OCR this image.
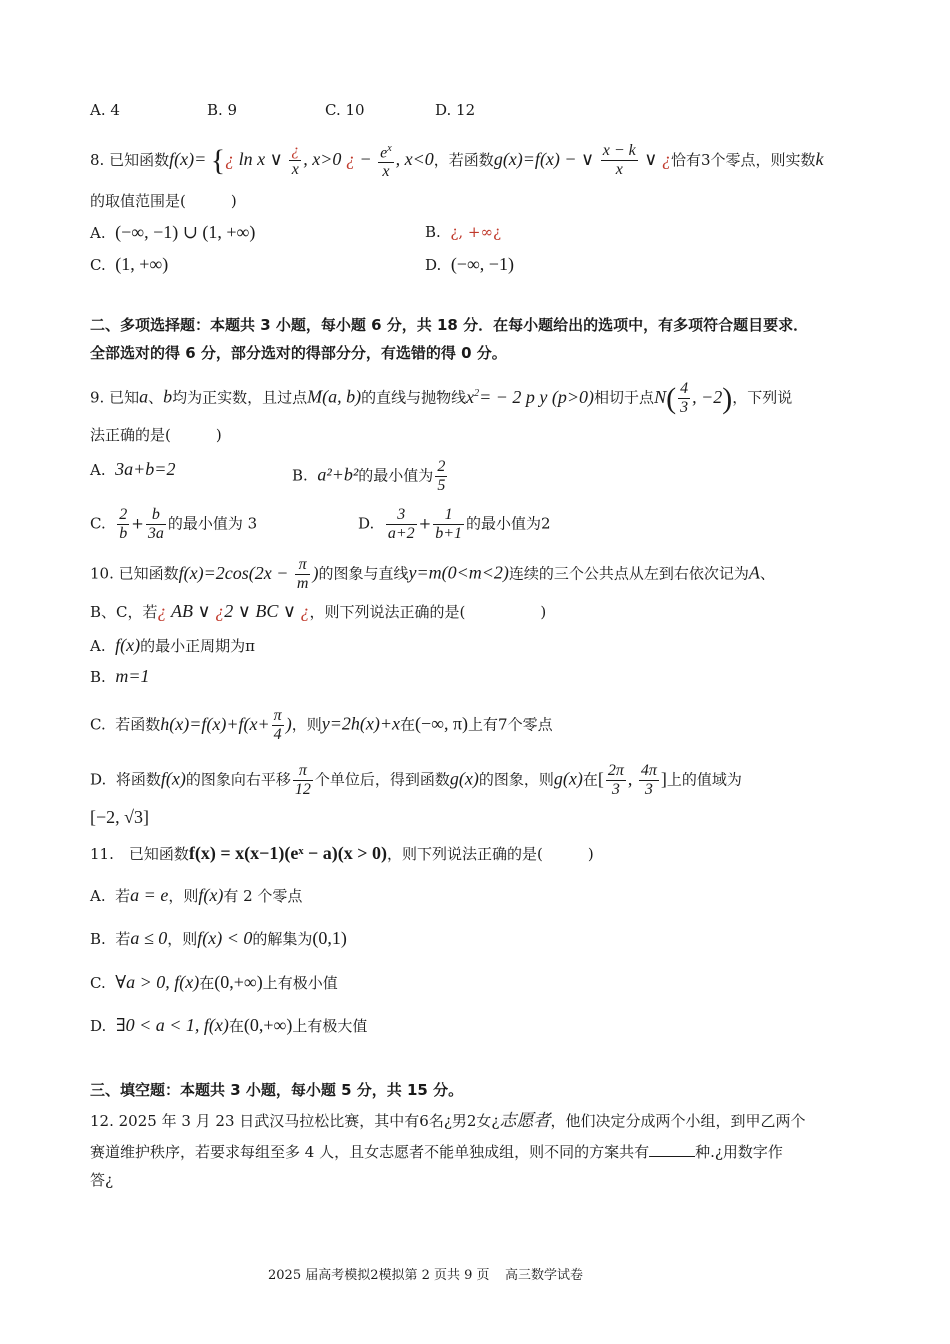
A. 4	B. 9	C. 10	D. 12
8. 已知函数f(x)= {¿ ln x ∨ $\frac{¿}{x}$ , x>0 ¿ − $\frac{e^x}{x}$ , x<0，若函数g(x)=f(x) − ∨ $\frac{x - k}{x}$ ∨ ¿恰有3个零点，则实数k
的取值范围是(　　　)
A. (−∞, −1) ∪ (1, +∞)	B. ¿, +∞¿
C. (1, +∞)	D. (−∞, −1)
二、多项选择题：本题共 3 小题，每小题 6 分，共 18 分．在每小题给出的选项中，有多项符合题目要求．
全部选对的得 6 分，部分选对的得部分分，有选错的得 0 分。
9. 已知a、b均为正实数，且过点M(a, b)的直线与抛物线$x^2= - 2$ p y (p>0)相切于点$N( \frac{4}{3}$ , −2)，下列说
法正确的是(　　　)
A. 3a+b=2	B. a²+b²的最小值为 $\frac{2}{5}$
C. $\frac{2}{b} + \frac{b}{3a}$ 的最小值为 3	D. $\frac{3}{a+2} + \frac{1}{b+1}$ 的最小值为2
10. 已知函数$f(x)=2\cos(2x - \frac{\pi}{m}$ )的图象与直线y=m(0<m<2)连续的三个公共点从左到右依次记为A、
B、C，若¿ AB ∨ ¿2 ∨ BC ∨ ¿，则下列说法正确的是(　　　　　)
A. f(x)的最小正周期为π
B. m=1
C. 若函数$h(x)=f(x)+f(x+ \frac{\pi}{4}$ )，则y=2h(x)+x在(−∞, π)上有7个零点
D. 将函数f(x)的图象向右平移 $\frac{\pi}{12}$ 个单位后，得到函数g(x)的图象，则g(x)在[ $\frac{2\pi}{3}$ , $\frac{4\pi}{3}$ ]上的值域为
[−2, √3]
11.　已知函数f(x) = x(x−1)(eˣ − a)(x > 0)，则下列说法正确的是(　　　)
A. 若a = e，则f(x)有 2 个零点
B. 若a ≤ 0，则f(x) < 0的解集为(0,1)
C. ∀a > 0, f(x)在(0,+∞)上有极小值
D. ∃0 < a < 1, f(x)在(0,+∞)上有极大值
三、填空题：本题共 3 小题，每小题 5 分，共 15 分。
12. 2025 年 3 月 23 日武汉马拉松比赛，其中有6名¿男2女¿志愿者，他们决定分成两个小组，到甲乙两个
赛道维护秩序，若要求每组至多 4 人，且女志愿者不能单独成组，则不同的方案共有	种.¿用数字作
答¿
2025 届高考模拟2模拟第 2 页共 9 页 高三数学试卷
